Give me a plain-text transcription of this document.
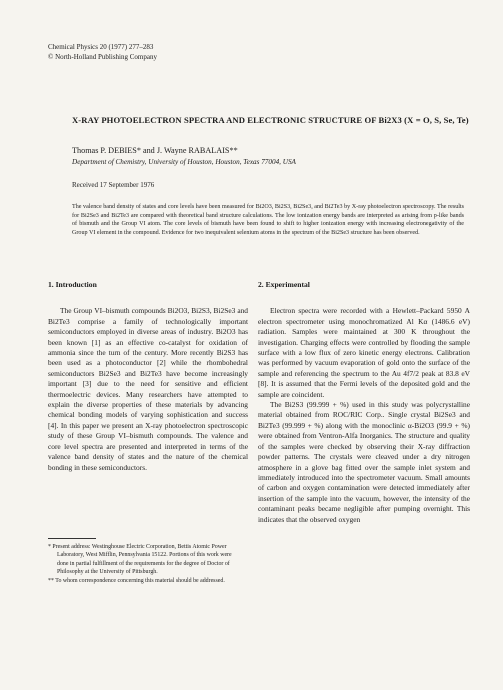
Chemical Physics 20 (1977) 277–283
© North-Holland Publishing Company
X-RAY PHOTOELECTRON SPECTRA AND ELECTRONIC STRUCTURE OF Bi2X3 (X = O, S, Se, Te)
Thomas P. DEBIES* and J. Wayne RABALAIS**
Department of Chemistry, University of Houston, Houston, Texas 77004, USA
Received 17 September 1976
The valence band density of states and core levels have been measured for Bi2O3, Bi2S3, Bi2Se3, and Bi2Te3 by X-ray photoelectron spectroscopy. The results for Bi2Se3 and Bi2Te3 are compared with theoretical band structure calculations. The low ionization energy bands are interpreted as arising from p-like bands of bismuth and the Group VI atom. The core levels of bismuth have been found to shift to higher ionization energy with increasing electronegativity of the Group VI element in the compound. Evidence for two inequivalent selenium atoms in the spectrum of the Bi2Se3 structure has been observed.
1. Introduction

The Group VI–bismuth compounds Bi2O3, Bi2S3, Bi2Se3 and Bi2Te3 comprise a family of technologically important semiconductors employed in diverse areas of industry. Bi2O3 has been known [1] as an effective co-catalyst for oxidation of ammonia since the turn of the century. More recently Bi2S3 has been used as a photoconductor [2] while the rhombohedral semiconductors Bi2Se3 and Bi2Te3 have become increasingly important [3] due to the need for sensitive and efficient thermoelectric devices. Many researchers have attempted to explain the diverse properties of these materials by advancing chemical bonding models of varying sophistication and success [4]. In this paper we present an X-ray photoelectron spectroscopic study of these Group VI–bismuth compounds. The valence and core level spectra are presented and interpreted in terms of the valence band density of states and the nature of the chemical bonding in these semiconductors.

2. Experimental

Electron spectra were recorded with a Hewlett–Packard 5950 A electron spectrometer using monochromatized Al Kα (1486.6 eV) radiation. Samples were maintained at 300 K throughout the investigation. Charging effects were controlled by flooding the sample surface with a low flux of zero kinetic energy electrons. Calibration was performed by vacuum evaporation of gold onto the surface of the sample and referencing the spectrum to the Au 4f7/2 peak at 83.8 eV [8]. It is assumed that the Fermi levels of the deposited gold and the sample are coincident.

The Bi2S3 (99.999 + %) used in this study was polycrystalline material obtained from ROC/RIC Corp.. Single crystal Bi2Se3 and Bi2Te3 (99.999 + %) along with the monoclinic α-Bi2O3 (99.9 + %) were obtained from Ventron-Alfa Inorganics. The structure and quality of the samples were checked by observing their X-ray diffraction powder patterns. The crystals were cleaved under a dry nitrogen atmosphere in a glove bag fitted over the sample inlet system and immediately introduced into the spectrometer vacuum. Small amounts of carbon and oxygen contamination were detected immediately after insertion of the sample into the vacuum, however, the intensity of the contaminant peaks became negligible after pumping overnight. This indicates that the observed oxygen

* Present address: Westinghouse Electric Corporation, Bettis Atomic Power Laboratory, West Mifflin, Pennsylvania 15122. Portions of this work were done in partial fulfillment of the requirements for the degree of Doctor of Philosophy at the University of Pittsburgh.
** To whom correspondence concerning this material should be addressed.
